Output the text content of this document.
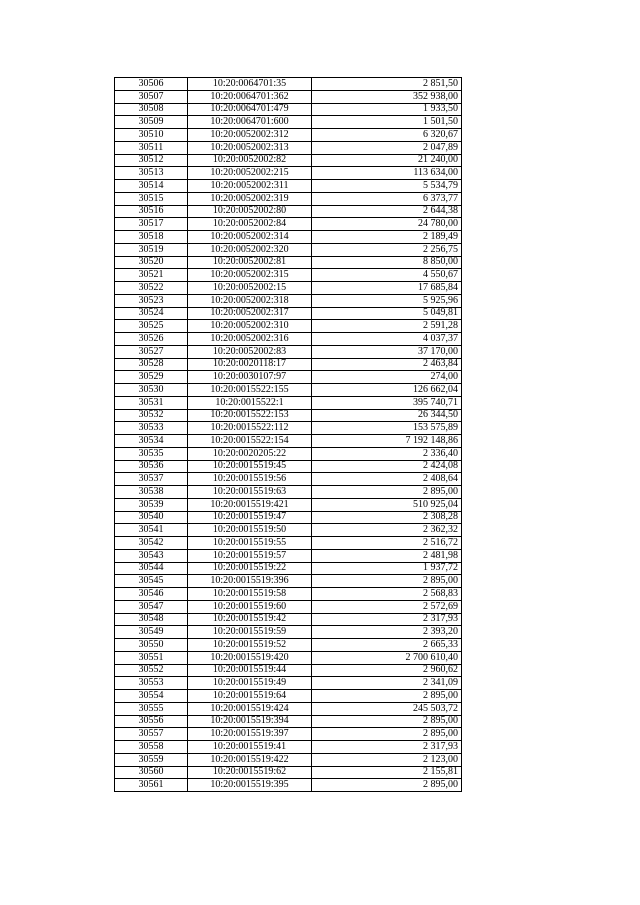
30506	10:20:0064701:35	2 851,50
30507	10:20:0064701:362	352 938,00
30508	10:20:0064701:479	1 933,50
30509	10:20:0064701:600	1 501,50
30510	10:20:0052002:312	6 320,67
30511	10:20:0052002:313	2 047,89
30512	10:20:0052002:82	21 240,00
30513	10:20:0052002:215	113 634,00
30514	10:20:0052002:311	5 534,79
30515	10:20:0052002:319	6 373,77
30516	10:20:0052002:80	2 644,38
30517	10:20:0052002:84	24 780,00
30518	10:20:0052002:314	2 189,49
30519	10:20:0052002:320	2 256,75
30520	10:20:0052002:81	8 850,00
30521	10:20:0052002:315	4 550,67
30522	10:20:0052002:15	17 685,84
30523	10:20:0052002:318	5 925,96
30524	10:20:0052002:317	5 049,81
30525	10:20:0052002:310	2 591,28
30526	10:20:0052002:316	4 037,37
30527	10:20:0052002:83	37 170,00
30528	10:20:0020118:17	2 463,84
30529	10:20:0030107:97	274,00
30530	10:20:0015522:155	126 662,04
30531	10:20:0015522:1	395 740,71
30532	10:20:0015522:153	26 344,50
30533	10:20:0015522:112	153 575,89
30534	10:20:0015522:154	7 192 148,86
30535	10:20:0020205:22	2 336,40
30536	10:20:0015519:45	2 424,08
30537	10:20:0015519:56	2 408,64
30538	10:20:0015519:63	2 895,00
30539	10:20:0015519:421	510 925,04
30540	10:20:0015519:47	2 308,28
30541	10:20:0015519:50	2 362,32
30542	10:20:0015519:55	2 516,72
30543	10:20:0015519:57	2 481,98
30544	10:20:0015519:22	1 937,72
30545	10:20:0015519:396	2 895,00
30546	10:20:0015519:58	2 568,83
30547	10:20:0015519:60	2 572,69
30548	10:20:0015519:42	2 317,93
30549	10:20:0015519:59	2 393,20
30550	10:20:0015519:52	2 665,33
30551	10:20:0015519:420	2 700 610,40
30552	10:20:0015519:44	2 960,62
30553	10:20:0015519:49	2 341,09
30554	10:20:0015519:64	2 895,00
30555	10:20:0015519:424	245 503,72
30556	10:20:0015519:394	2 895,00
30557	10:20:0015519:397	2 895,00
30558	10:20:0015519:41	2 317,93
30559	10:20:0015519:422	2 123,00
30560	10:20:0015519:62	2 155,81
30561	10:20:0015519:395	2 895,00
